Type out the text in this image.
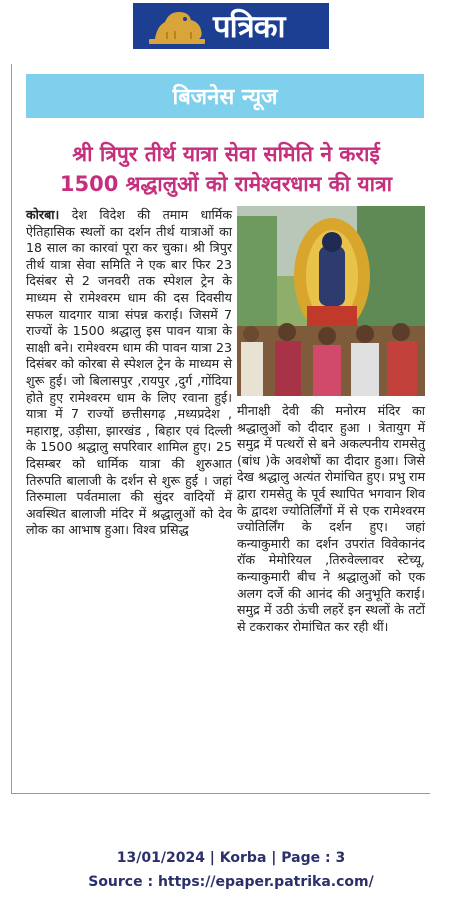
पत्रिका
बिजनेस न्यूज
श्री त्रिपुर तीर्थ यात्रा सेवा समिति ने कराई
1500 श्रद्धालुओं को रामेश्वरधाम की यात्रा

कोरबा। देश विदेश की तमाम धार्मिक ऐतिहासिक स्थलों का दर्शन तीर्थ यात्राओं का 18 साल का कारवां पूरा कर चुका। श्री त्रिपुर तीर्थ यात्रा सेवा समिति ने एक बार फिर 23 दिसंबर से 2 जनवरी तक स्पेशल ट्रेन के माध्यम से रामेश्वरम धाम की दस दिवसीय सफल यादगार यात्रा संपन्न कराई। जिसमें 7 राज्यों के 1500 श्रद्धालु इस पावन यात्रा के साक्षी बने। रामेश्वरम धाम की पावन यात्रा 23 दिसंबर को कोरबा से स्पेशल ट्रेन के माध्यम से शुरू हुई। जो बिलासपुर ,रायपुर ,दुर्ग ,गोंदिया होते हुए रामेश्वरम धाम के लिए रवाना हुई।यात्रा में 7 राज्यों छत्तीसगढ़ ,मध्यप्रदेश , महाराष्ट्र, उड़ीसा, झारखंड , बिहार एवं दिल्ली के 1500 श्रद्धालु सपरिवार शामिल हुए। 25 दिसम्बर को धार्मिक यात्रा की शुरुआत तिरुपति बालाजी के दर्शन से शुरू हुई । जहां तिरुमाला पर्वतमाला की सुंदर वादियों में अवस्थित बालाजी मंदिर में श्रद्धालुओं को देव लोक का आभाष हुआ। विश्व प्रसिद्ध

मीनाक्षी देवी की मनोरम मंदिर का श्रद्धालुओं को दीदार हुआ । त्रेतायुग में समुद्र में पत्थरों से बने अकल्पनीय रामसेतु (बांध )के अवशेषों का दीदार हुआ। जिसे देख श्रद्धालु अत्यंत रोमांचित हुए। प्रभु राम द्वारा रामसेतु के पूर्व स्थापित भगवान शिव के द्वादश ज्योतिर्लिंगों में से एक रामेश्वरम ज्योतिर्लिंग के दर्शन हुए। जहां कन्याकुमारी का दर्शन उपरांत विवेकानंद रॉक मेमोरियल ,तिरुवेल्लावर स्टेच्यू, कन्याकुमारी बीच ने श्रद्धालुओं को एक अलग दर्जे की आनंद की अनुभूति कराई।समुद्र में उठी ऊंची लहरें इन स्थलों के तटों से टकराकर रोमांचित कर रही थीं।

13/01/2024 | Korba | Page : 3
Source : https://epaper.patrika.com/
